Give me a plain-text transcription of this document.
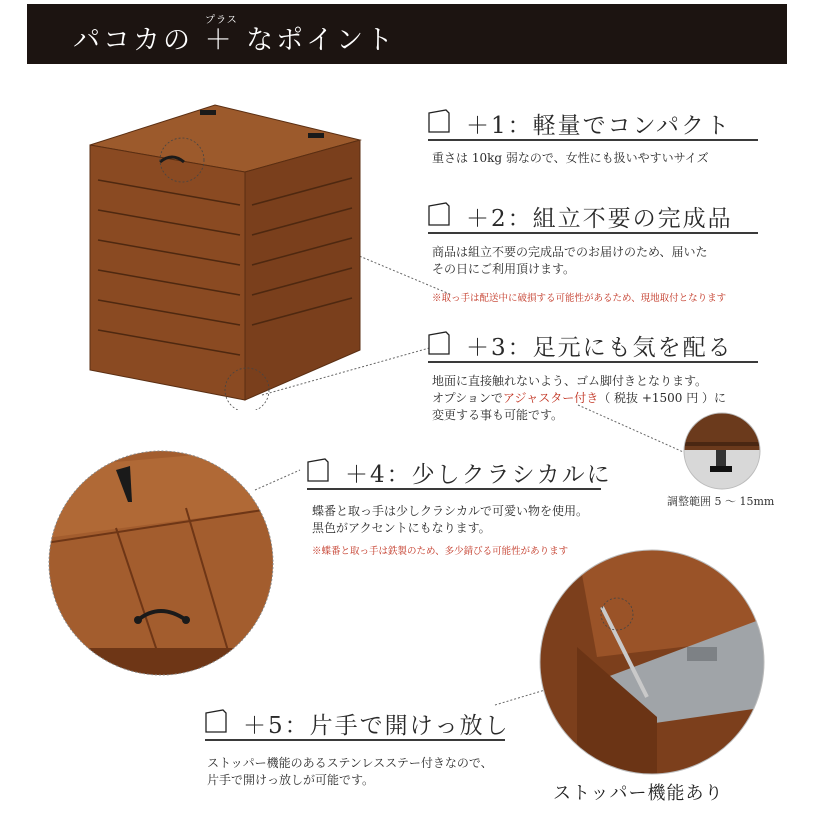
プラス
パコカの ＋ なポイント
＋1：軽量でコンパクト
重さは 10kg 弱なので、女性にも扱いやすいサイズ
＋2：組立不要の完成品
商品は組立不要の完成品でのお届けのため、届いた
その日にご利用頂けます。
※取っ手は配送中に破損する可能性があるため、現地取付となります
＋3：足元にも気を配る
地面に直接触れないよう、ゴム脚付きとなります。
オプションでアジャスター付き（ 税抜 +1500 円 ）に
変更する事も可能です。
調整範囲 5 ～ 15mm
＋4：少しクラシカルに
蝶番と取っ手は少しクラシカルで可愛い物を使用。
黒色がアクセントにもなります。
※蝶番と取っ手は鉄製のため、多少錆びる可能性があります
ストッパー機能あり
＋5：片手で開けっ放し
ストッパー機能のあるステンレスステー付きなので、
片手で開けっ放しが可能です。
